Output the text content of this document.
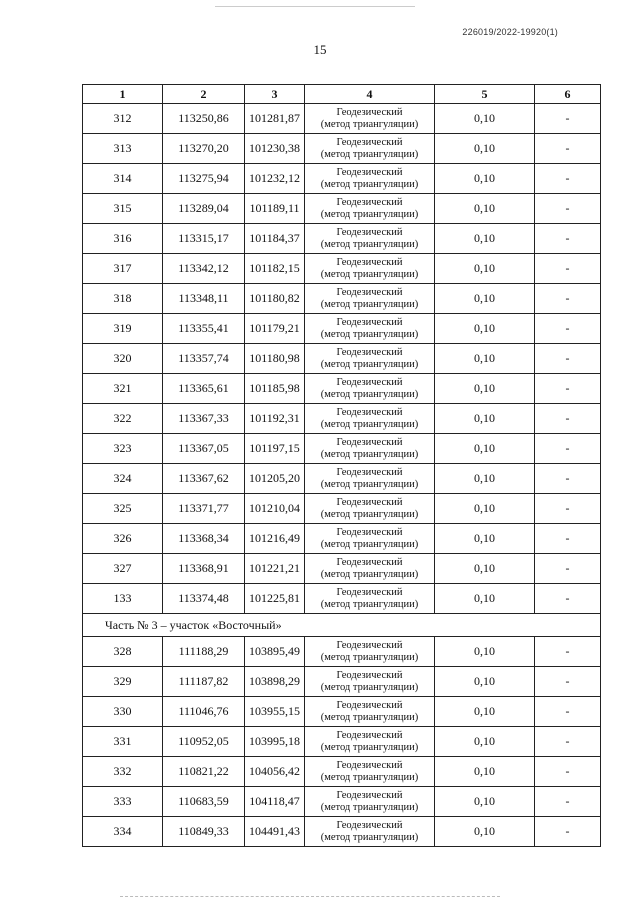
226019/2022-19920(1)
15
1	2	3	4	5	6
312	113250,86	101281,87	Геодезический
(метод триангуляции)	0,10	-
313	113270,20	101230,38	Геодезический
(метод триангуляции)	0,10	-
314	113275,94	101232,12	Геодезический
(метод триангуляции)	0,10	-
315	113289,04	101189,11	Геодезический
(метод триангуляции)	0,10	-
316	113315,17	101184,37	Геодезический
(метод триангуляции)	0,10	-
317	113342,12	101182,15	Геодезический
(метод триангуляции)	0,10	-
318	113348,11	101180,82	Геодезический
(метод триангуляции)	0,10	-
319	113355,41	101179,21	Геодезический
(метод триангуляции)	0,10	-
320	113357,74	101180,98	Геодезический
(метод триангуляции)	0,10	-
321	113365,61	101185,98	Геодезический
(метод триангуляции)	0,10	-
322	113367,33	101192,31	Геодезический
(метод триангуляции)	0,10	-
323	113367,05	101197,15	Геодезический
(метод триангуляции)	0,10	-
324	113367,62	101205,20	Геодезический
(метод триангуляции)	0,10	-
325	113371,77	101210,04	Геодезический
(метод триангуляции)	0,10	-
326	113368,34	101216,49	Геодезический
(метод триангуляции)	0,10	-
327	113368,91	101221,21	Геодезический
(метод триангуляции)	0,10	-
133	113374,48	101225,81	Геодезический
(метод триангуляции)	0,10	-
Часть № 3 – участок «Восточный»					
328	111188,29	103895,49	Геодезический
(метод триангуляции)	0,10	-
329	111187,82	103898,29	Геодезический
(метод триангуляции)	0,10	-
330	111046,76	103955,15	Геодезический
(метод триангуляции)	0,10	-
331	110952,05	103995,18	Геодезический
(метод триангуляции)	0,10	-
332	110821,22	104056,42	Геодезический
(метод триангуляции)	0,10	-
333	110683,59	104118,47	Геодезический
(метод триангуляции)	0,10	-
334	110849,33	104491,43	Геодезический
(метод триангуляции)	0,10	-
